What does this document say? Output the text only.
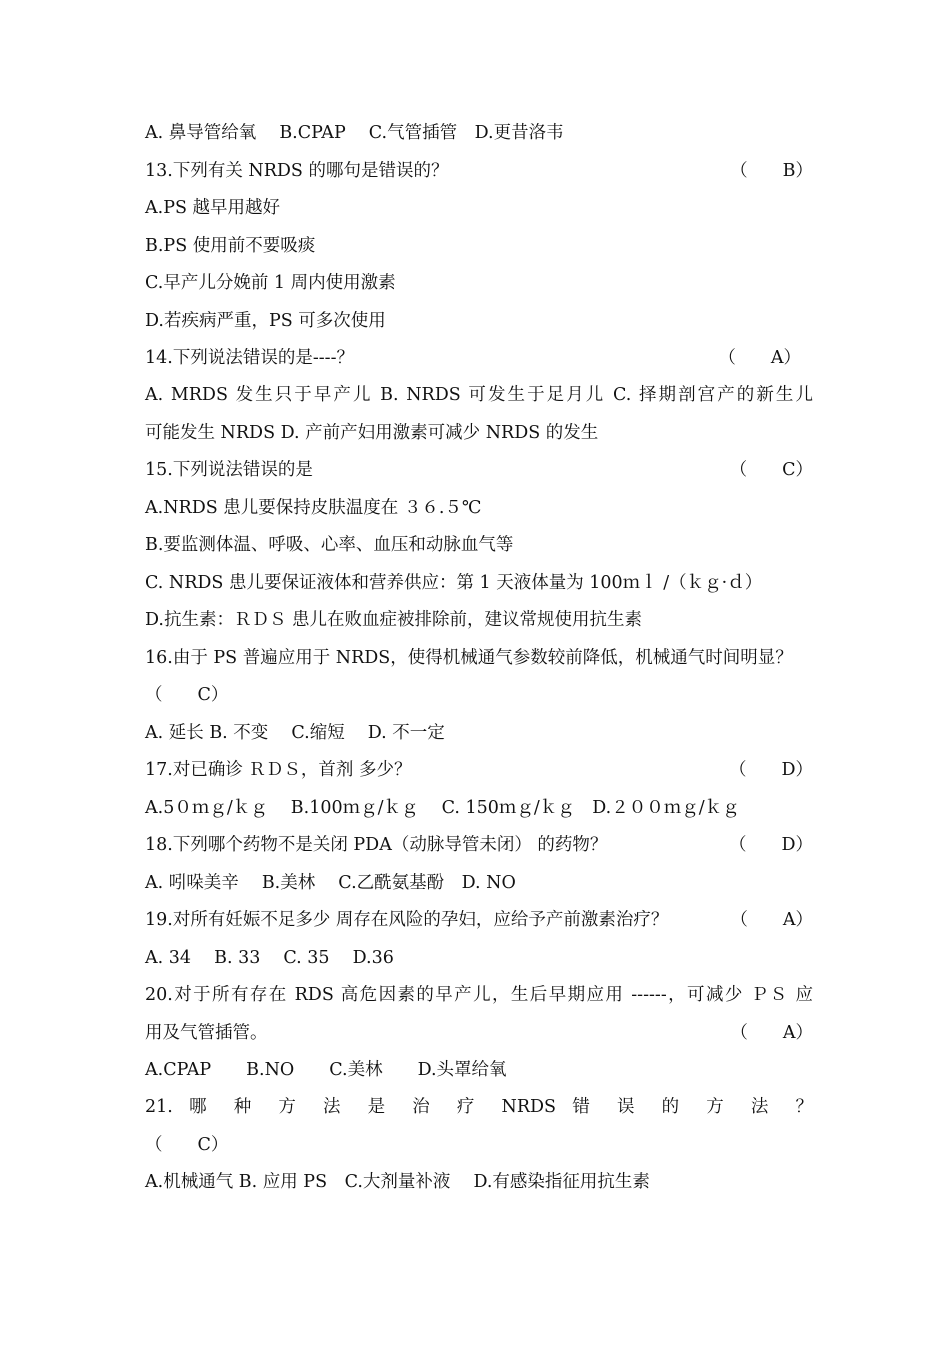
A. 鼻导管给氧　 B.CPAP　 C.气管插管　D.更昔洛韦
13.下列有关 NRDS 的哪句是错误的？	（　　B）
A.PS 越早用越好
B.PS 使用前不要吸痰
C.早产儿分娩前 1 周内使用激素
D.若疾病严重，PS 可多次使用
14.下列说法错误的是----？	（　　A）
A. MRDS 发生只于早产儿 B. NRDS 可发生于足月儿 C. 择期剖宫产的新生儿
可能发生 NRDS D. 产前产妇用激素可减少 NRDS 的发生
15.下列说法错误的是	（　　C）
A.NRDS 患儿要保持皮肤温度在 ３６.５℃
B.要监测体温、呼吸、心率、血压和动脉血气等
C. NRDS 患儿要保证液体和营养供应：第 1 天液体量为 100ｍｌ /（ｋｇ·ｄ）
D.抗生素：ＲＤＳ 患儿在败血症被排除前，建议常规使用抗生素
16.由于 PS 普遍应用于 NRDS，使得机械通气参数较前降低，机械通气时间明显？
（　　C）
A. 延长 B. 不变 　C.缩短 　D. 不一定
17.对已确诊 ＲＤＳ，首剂 多少？	（　　D）
A.5０ｍｇ/ｋｇ　 B.100ｍｇ/ｋｇ　 C. 150ｍｇ/ｋｇ　D.２００ｍｇ/ｋｇ
18.下列哪个药物不是关闭 PDA（动脉导管未闭） 的药物？	（　　D）
A. 吲哚美辛　 B.美林 　C.乙酰氨基酚　D. NO
19.对所有妊娠不足多少 周存在风险的孕妇，应给予产前激素治疗？	（　　A）
A. 34　 B. 33　 C. 35　 D.36
20.对于所有存在 RDS 高危因素的早产儿，生后早期应用 ------，可减少 ＰＳ 应
用及气管插管。	（　　A）
A.CPAP　　B.NO　　C.美林　　D.头罩给氧
21. 哪 种 方 法 是 治 疗 NRDS 错 误 的 方 法 ？
（　　C）
A.机械通气 B. 应用 PS　C.大剂量补液　 D.有感染指征用抗生素
